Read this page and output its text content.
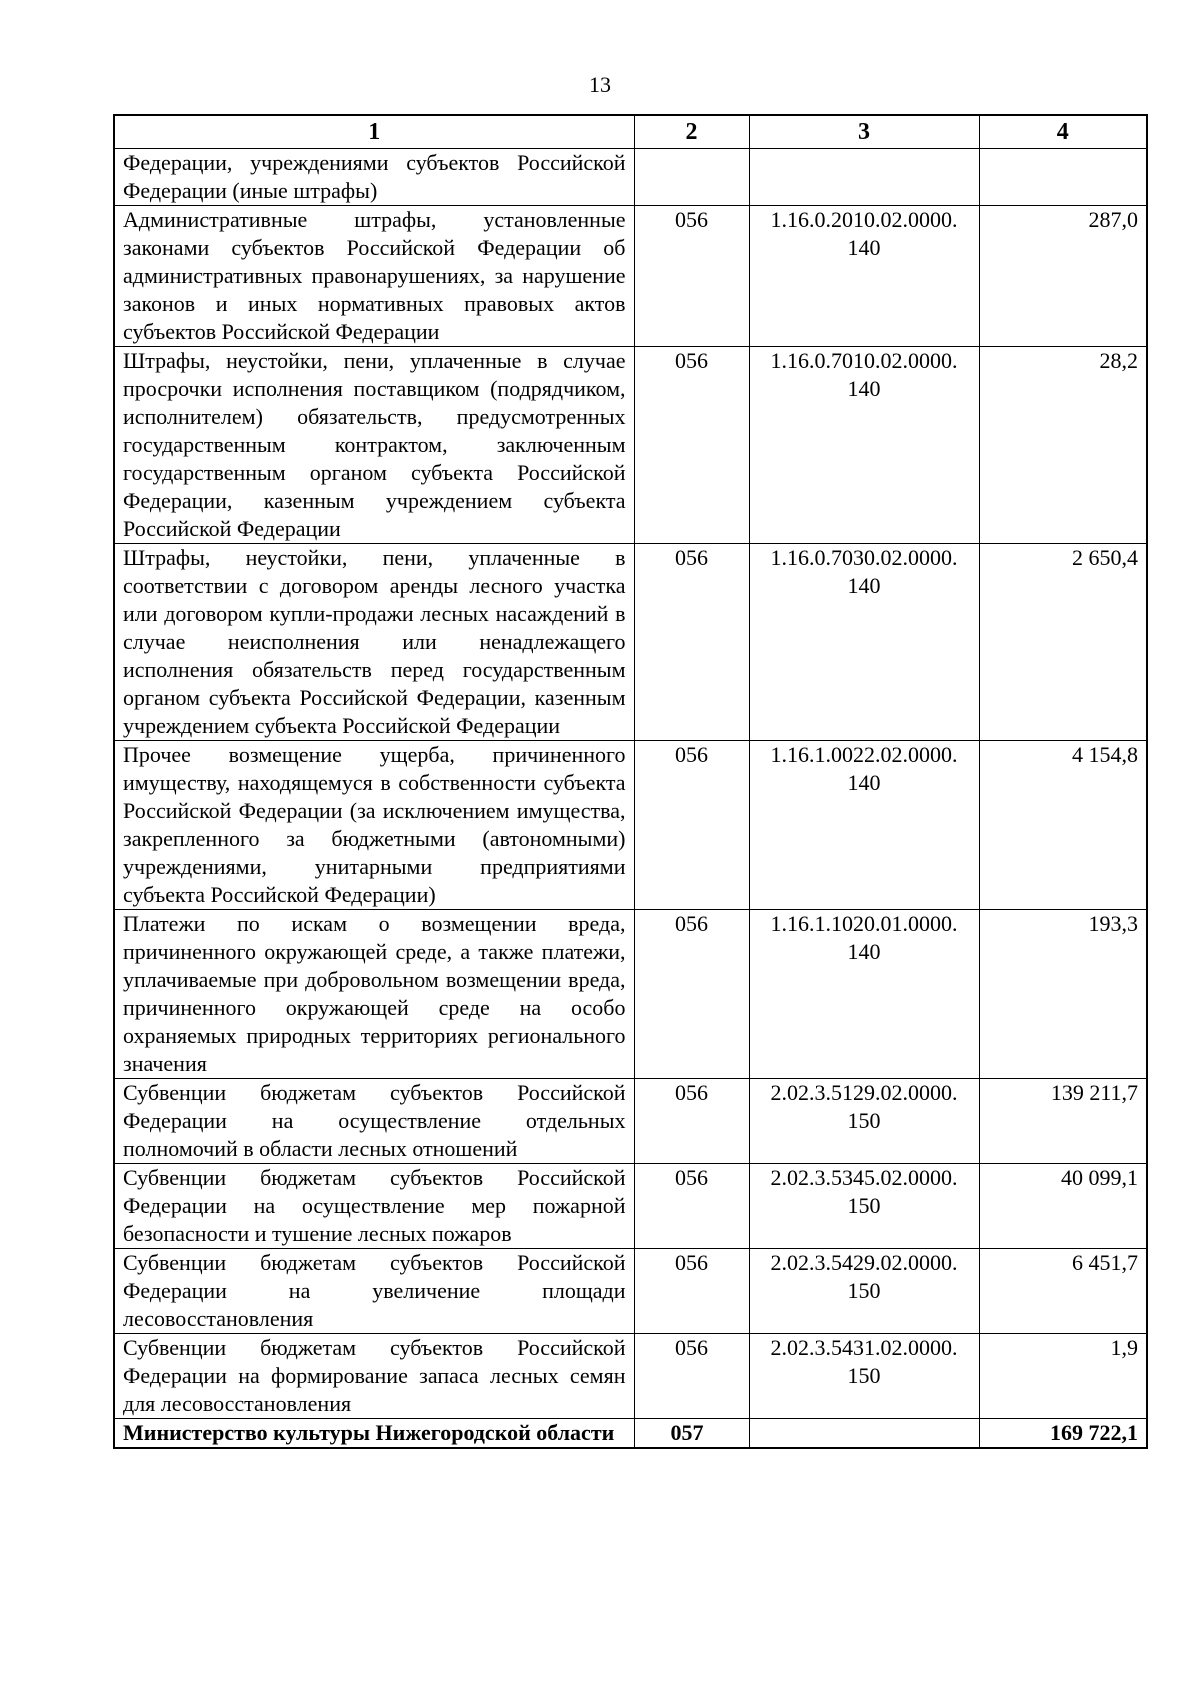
13
1	2	3	4
Федерации, учреждениями субъектов Российской Федерации (иные штрафы)			
Административные штрафы, установленные законами субъектов Российской Федерации об административных правонарушениях, за нарушение законов и иных нормативных правовых актов субъектов Российской Федерации	056	1.16.0.2010.02.0000. 140	287,0
Штрафы, неустойки, пени, уплаченные в случае просрочки исполнения поставщиком (подрядчиком, исполнителем) обязательств, предусмотренных государственным контрактом, заключенным государственным органом субъекта Российской Федерации, казенным учреждением субъекта Российской Федерации	056	1.16.0.7010.02.0000. 140	28,2
Штрафы, неустойки, пени, уплаченные в соответствии с договором аренды лесного участка или договором купли-продажи лесных насаждений в случае неисполнения или ненадлежащего исполнения обязательств перед государственным органом субъекта Российской Федерации, казенным учреждением субъекта Российской Федерации	056	1.16.0.7030.02.0000. 140	2 650,4
Прочее возмещение ущерба, причиненного имуществу, находящемуся в собственности субъекта Российской Федерации (за исключением имущества, закрепленного за бюджетными (автономными) учреждениями, унитарными предприятиями субъекта Российской Федерации)	056	1.16.1.0022.02.0000. 140	4 154,8
Платежи по искам о возмещении вреда, причиненного окружающей среде, а также платежи, уплачиваемые при добровольном возмещении вреда, причиненного окружающей среде на особо охраняемых природных территориях регионального значения	056	1.16.1.1020.01.0000. 140	193,3
Субвенции бюджетам субъектов Российской Федерации на осуществление отдельных полномочий в области лесных отношений	056	2.02.3.5129.02.0000. 150	139 211,7
Субвенции бюджетам субъектов Российской Федерации на осуществление мер пожарной безопасности и тушение лесных пожаров	056	2.02.3.5345.02.0000. 150	40 099,1
Субвенции бюджетам субъектов Российской Федерации на увеличение площади лесовосстановления	056	2.02.3.5429.02.0000. 150	6 451,7
Субвенции бюджетам субъектов Российской Федерации на формирование запаса лесных семян для лесовосстановления	056	2.02.3.5431.02.0000. 150	1,9
Министерство культуры Нижегородской области	057		169 722,1
